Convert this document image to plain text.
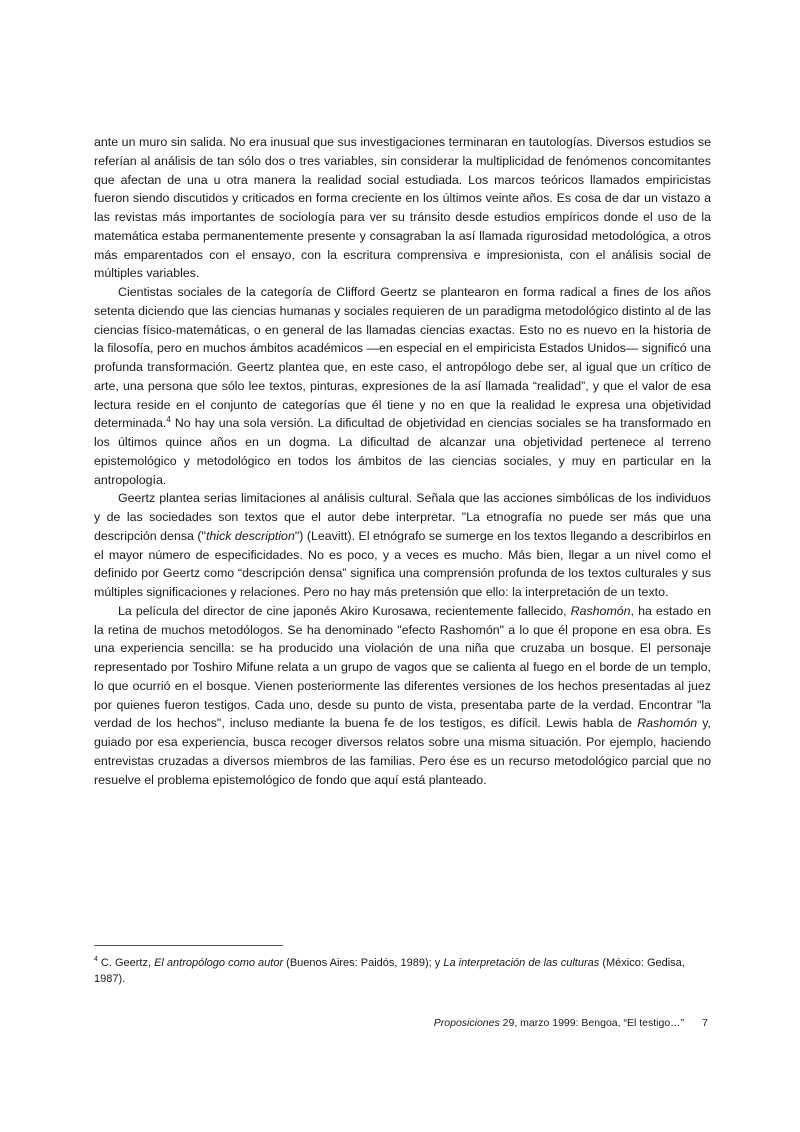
ante un muro sin salida. No era inusual que sus investigaciones terminaran en tautologías. Diversos estudios se referían al análisis de tan sólo dos o tres variables, sin considerar la multiplicidad de fenómenos concomitantes que afectan de una u otra manera la realidad social estudiada. Los marcos teóricos llamados empiricistas fueron siendo discutidos y criticados en forma creciente en los últimos veinte años. Es cosa de dar un vistazo a las revistas más importantes de sociología para ver su tránsito desde estudios empíricos donde el uso de la matemática estaba permanentemente presente y consagraban la así llamada rigurosidad metodológica, a otros más emparentados con el ensayo, con la escritura comprensiva e impresionista, con el análisis social de múltiples variables.

Cientistas sociales de la categoría de Clifford Geertz se plantearon en forma radical a fines de los años setenta diciendo que las ciencias humanas y sociales requieren de un paradigma metodológico distinto al de las ciencias físico-matemáticas, o en general de las llamadas ciencias exactas. Esto no es nuevo en la historia de la filosofía, pero en muchos ámbitos académicos —en especial en el empiricista Estados Unidos— significó una profunda transformación. Geertz plantea que, en este caso, el antropólogo debe ser, al igual que un crítico de arte, una persona que sólo lee textos, pinturas, expresiones de la así llamada “realidad”, y que el valor de esa lectura reside en el conjunto de categorías que él tiene y no en que la realidad le expresa una objetividad determinada.$^4$ No hay una sola versión. La dificultad de objetividad en ciencias sociales se ha transformado en los últimos quince años en un dogma. La dificultad de alcanzar una objetividad pertenece al terreno epistemológico y metodológico en todos los ámbitos de las ciencias sociales, y muy en particular en la antropología.

Geertz plantea serias limitaciones al análisis cultural. Señala que las acciones simbólicas de los individuos y de las sociedades son textos que el autor debe interpretar. "La etnografía no puede ser más que una descripción densa ("thick description") (Leavitt). El etnógrafo se sumerge en los textos llegando a describirlos en el mayor número de especificidades. No es poco, y a veces es mucho. Más bien, llegar a un nivel como el definido por Geertz como “descripción densa” significa una comprensión profunda de los textos culturales y sus múltiples significaciones y relaciones. Pero no hay más pretensión que ello: la interpretación de un texto.

La película del director de cine japonés Akiro Kurosawa, recientemente fallecido, Rashomón, ha estado en la retina de muchos metodólogos. Se ha denominado "efecto Rashomón" a lo que él propone en esa obra. Es una experiencia sencilla: se ha producido una violación de una niña que cruzaba un bosque. El personaje representado por Toshiro Mifune relata a un grupo de vagos que se calienta al fuego en el borde de un templo, lo que ocurrió en el bosque. Vienen posteriormente las diferentes versiones de los hechos presentadas al juez por quienes fueron testigos. Cada uno, desde su punto de vista, presentaba parte de la verdad. Encontrar "la verdad de los hechos", incluso mediante la buena fe de los testigos, es difícil. Lewis habla de Rashomón y, guiado por esa experiencia, busca recoger diversos relatos sobre una misma situación. Por ejemplo, haciendo entrevistas cruzadas a diversos miembros de las familias. Pero ése es un recurso metodológico parcial que no resuelve el problema epistemológico de fondo que aquí está planteado.

$^4$ C. Geertz, El antropólogo como autor (Buenos Aires: Paidós, 1989); y La interpretación de las culturas (México: Gedisa, 1987).

Proposiciones 29, marzo 1999: Bengoa, “El testigo…” 7
